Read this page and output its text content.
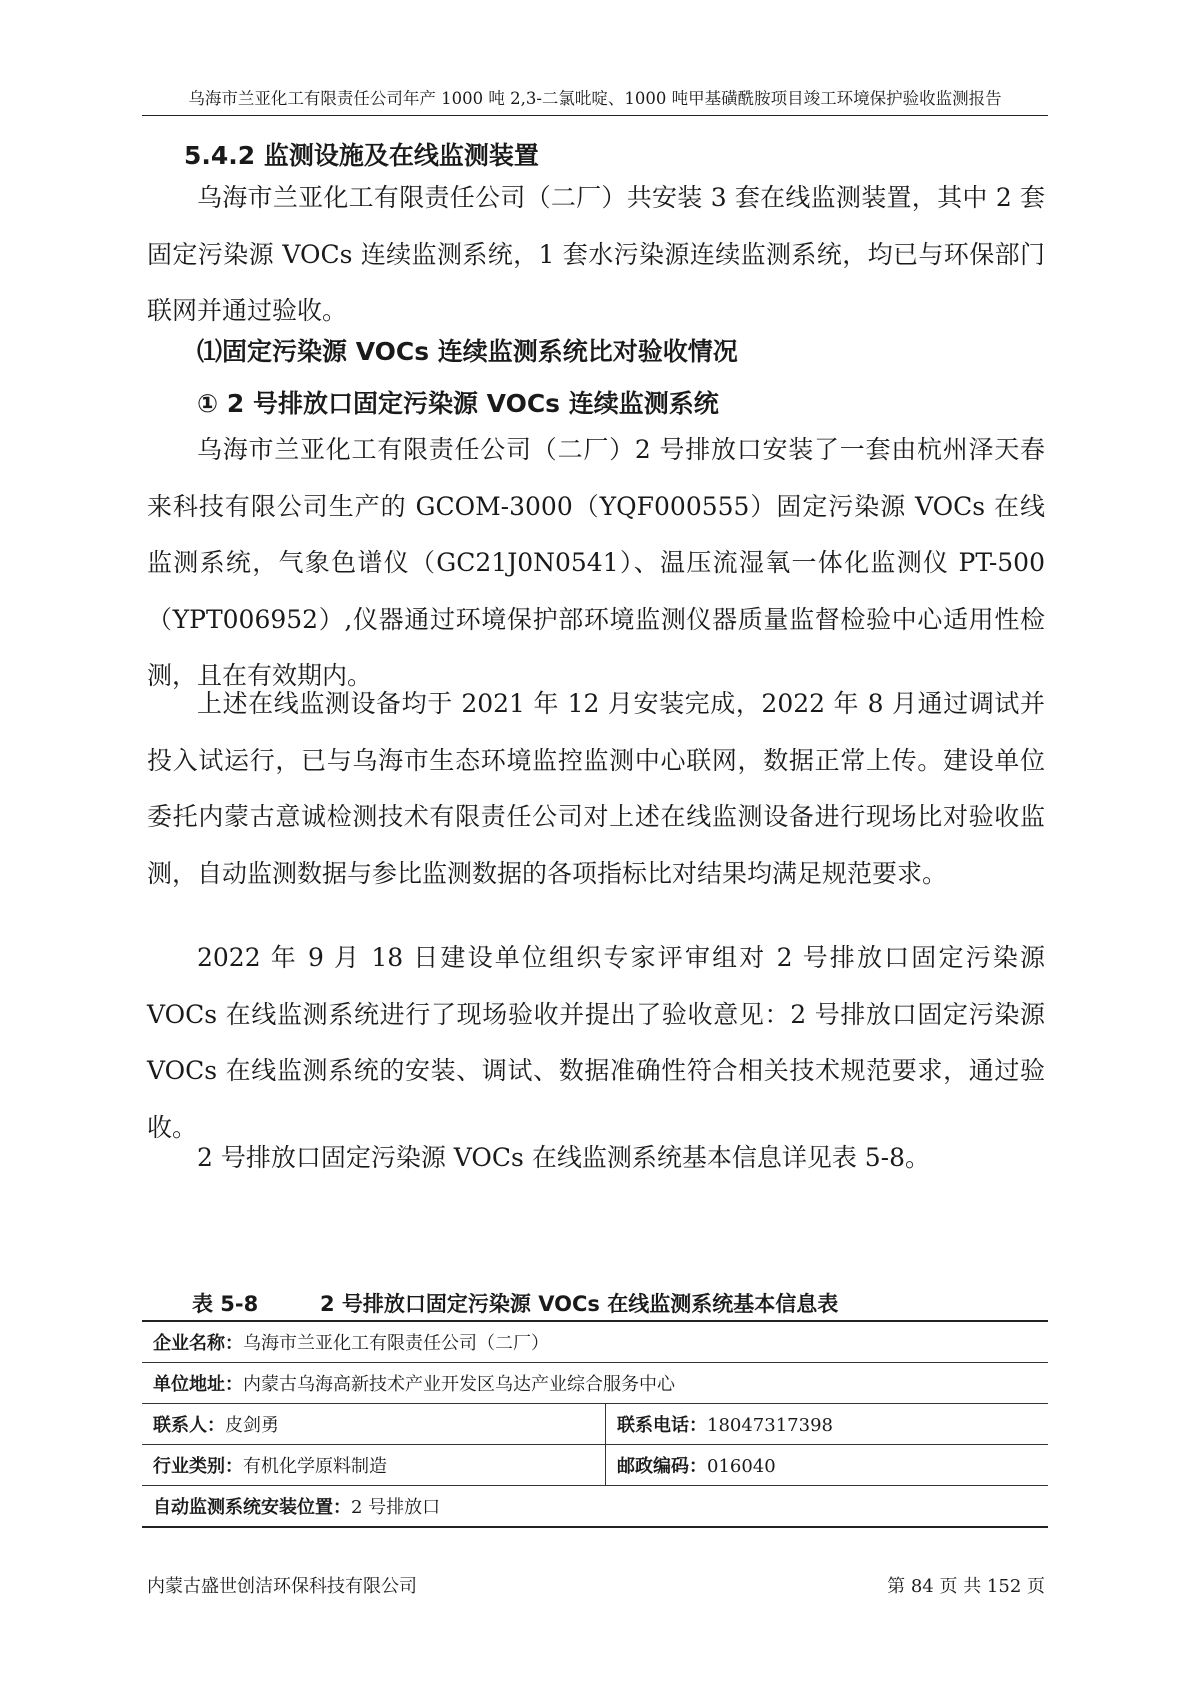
乌海市兰亚化工有限责任公司年产 1000 吨 2,3-二氯吡啶、1000 吨甲基磺酰胺项目竣工环境保护验收监测报告
5.4.2 监测设施及在线监测装置
乌海市兰亚化工有限责任公司（二厂）共安装 3 套在线监测装置，其中 2 套固定污染源 VOCs 连续监测系统，1 套水污染源连续监测系统，均已与环保部门联网并通过验收。
⑴固定污染源 VOCs 连续监测系统比对验收情况
① 2 号排放口固定污染源 VOCs 连续监测系统
乌海市兰亚化工有限责任公司（二厂）2 号排放口安装了一套由杭州泽天春来科技有限公司生产的 GCOM-3000（YQF000555）固定污染源 VOCs 在线监测系统，气象色谱仪（GC21J0N0541）、温压流湿氧一体化监测仪 PT-500（YPT006952）,仪器通过环境保护部环境监测仪器质量监督检验中心适用性检测，且在有效期内。
上述在线监测设备均于 2021 年 12 月安装完成，2022 年 8 月通过调试并投入试运行，已与乌海市生态环境监控监测中心联网，数据正常上传。建设单位委托内蒙古意诚检测技术有限责任公司对上述在线监测设备进行现场比对验收监测，自动监测数据与参比监测数据的各项指标比对结果均满足规范要求。
2022 年 9 月 18 日建设单位组织专家评审组对 2 号排放口固定污染源 VOCs 在线监测系统进行了现场验收并提出了验收意见：2 号排放口固定污染源 VOCs 在线监测系统的安装、调试、数据准确性符合相关技术规范要求，通过验收。
2 号排放口固定污染源 VOCs 在线监测系统基本信息详见表 5-8。
表 5-8	2 号排放口固定污染源 VOCs 在线监测系统基本信息表
企业名称：乌海市兰亚化工有限责任公司（二厂）	
单位地址：内蒙古乌海高新技术产业开发区乌达产业综合服务中心	
联系人：皮剑勇	联系电话：18047317398
行业类别：有机化学原料制造	邮政编码：016040
自动监测系统安装位置：2 号排放口	
内蒙古盛世创洁环保科技有限公司	第 84 页 共 152 页
